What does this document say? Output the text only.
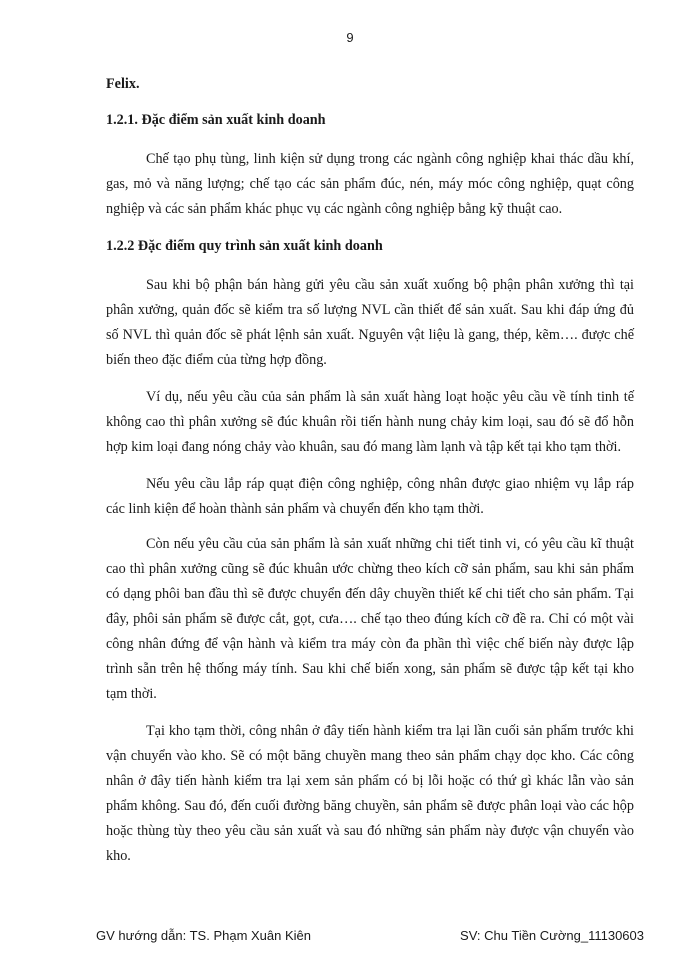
9
Felix.
1.2.1. Đặc điểm sản xuất kinh doanh

Chế tạo phụ tùng, linh kiện sử dụng trong các ngành công nghiệp khai thác dầu khí, gas, mỏ và năng lượng; chế tạo các sản phẩm đúc, nén, máy móc công nghiệp, quạt công nghiệp và các sản phẩm khác phục vụ các ngành công nghiệp bằng kỹ thuật cao.

1.2.2 Đặc điểm quy trình sản xuất kinh doanh

Sau khi bộ phận bán hàng gửi yêu cầu sản xuất xuống bộ phận phân xưởng thì tại phân xưởng, quản đốc sẽ kiểm tra số lượng NVL cần thiết để sản xuất. Sau khi đáp ứng đủ số NVL thì quản đốc sẽ phát lệnh sản xuất. Nguyên vật liệu là gang, thép, kẽm…. được chế biến theo đặc điểm của từng hợp đồng.

Ví dụ, nếu yêu cầu của sản phẩm là sản xuất hàng loạt hoặc yêu cầu về tính tinh tế không cao thì phân xưởng sẽ đúc khuân rồi tiến hành nung chảy kim loại, sau đó sẽ đổ hỗn hợp kim loại đang nóng chảy vào khuân, sau đó mang làm lạnh và tập kết tại kho tạm thời.

Nếu yêu cầu lắp ráp quạt điện công nghiệp, công nhân được giao nhiệm vụ lắp ráp các linh kiện để hoàn thành sản phẩm và chuyển đến kho tạm thời.

Còn nếu yêu cầu của sản phẩm là sản xuất những chi tiết tinh vi, có yêu cầu kĩ thuật cao thì phân xưởng cũng sẽ đúc khuân ước chừng theo kích cỡ sản phẩm, sau khi sản phẩm có dạng phôi ban đầu thì sẽ được chuyển đến dây chuyền thiết kế chi tiết cho sản phẩm. Tại đây, phôi sản phẩm sẽ được cắt, gọt, cưa…. chế tạo theo đúng kích cỡ đề ra. Chỉ có một vài công nhân đứng để vận hành và kiểm tra máy còn đa phần thì việc chế biến này được lập trình sẵn trên hệ thống máy tính. Sau khi chế biến xong, sản phẩm sẽ được tập kết tại kho tạm thời.

Tại kho tạm thời, công nhân ở đây tiến hành kiểm tra lại lần cuối sản phẩm trước khi vận chuyển vào kho. Sẽ có một băng chuyền mang theo sản phẩm chạy dọc kho. Các công nhân ở đây tiến hành kiểm tra lại xem sản phẩm có bị lỗi hoặc có thứ gì khác lẫn vào sản phẩm không. Sau đó, đến cuối đường băng chuyền, sản phẩm sẽ được phân loại vào các hộp hoặc thùng tùy theo yêu cầu sản xuất và sau đó những sản phẩm này được vận chuyển vào kho.

GV hướng dẫn: TS. Phạm Xuân Kiên	SV: Chu Tiền Cường_11130603
